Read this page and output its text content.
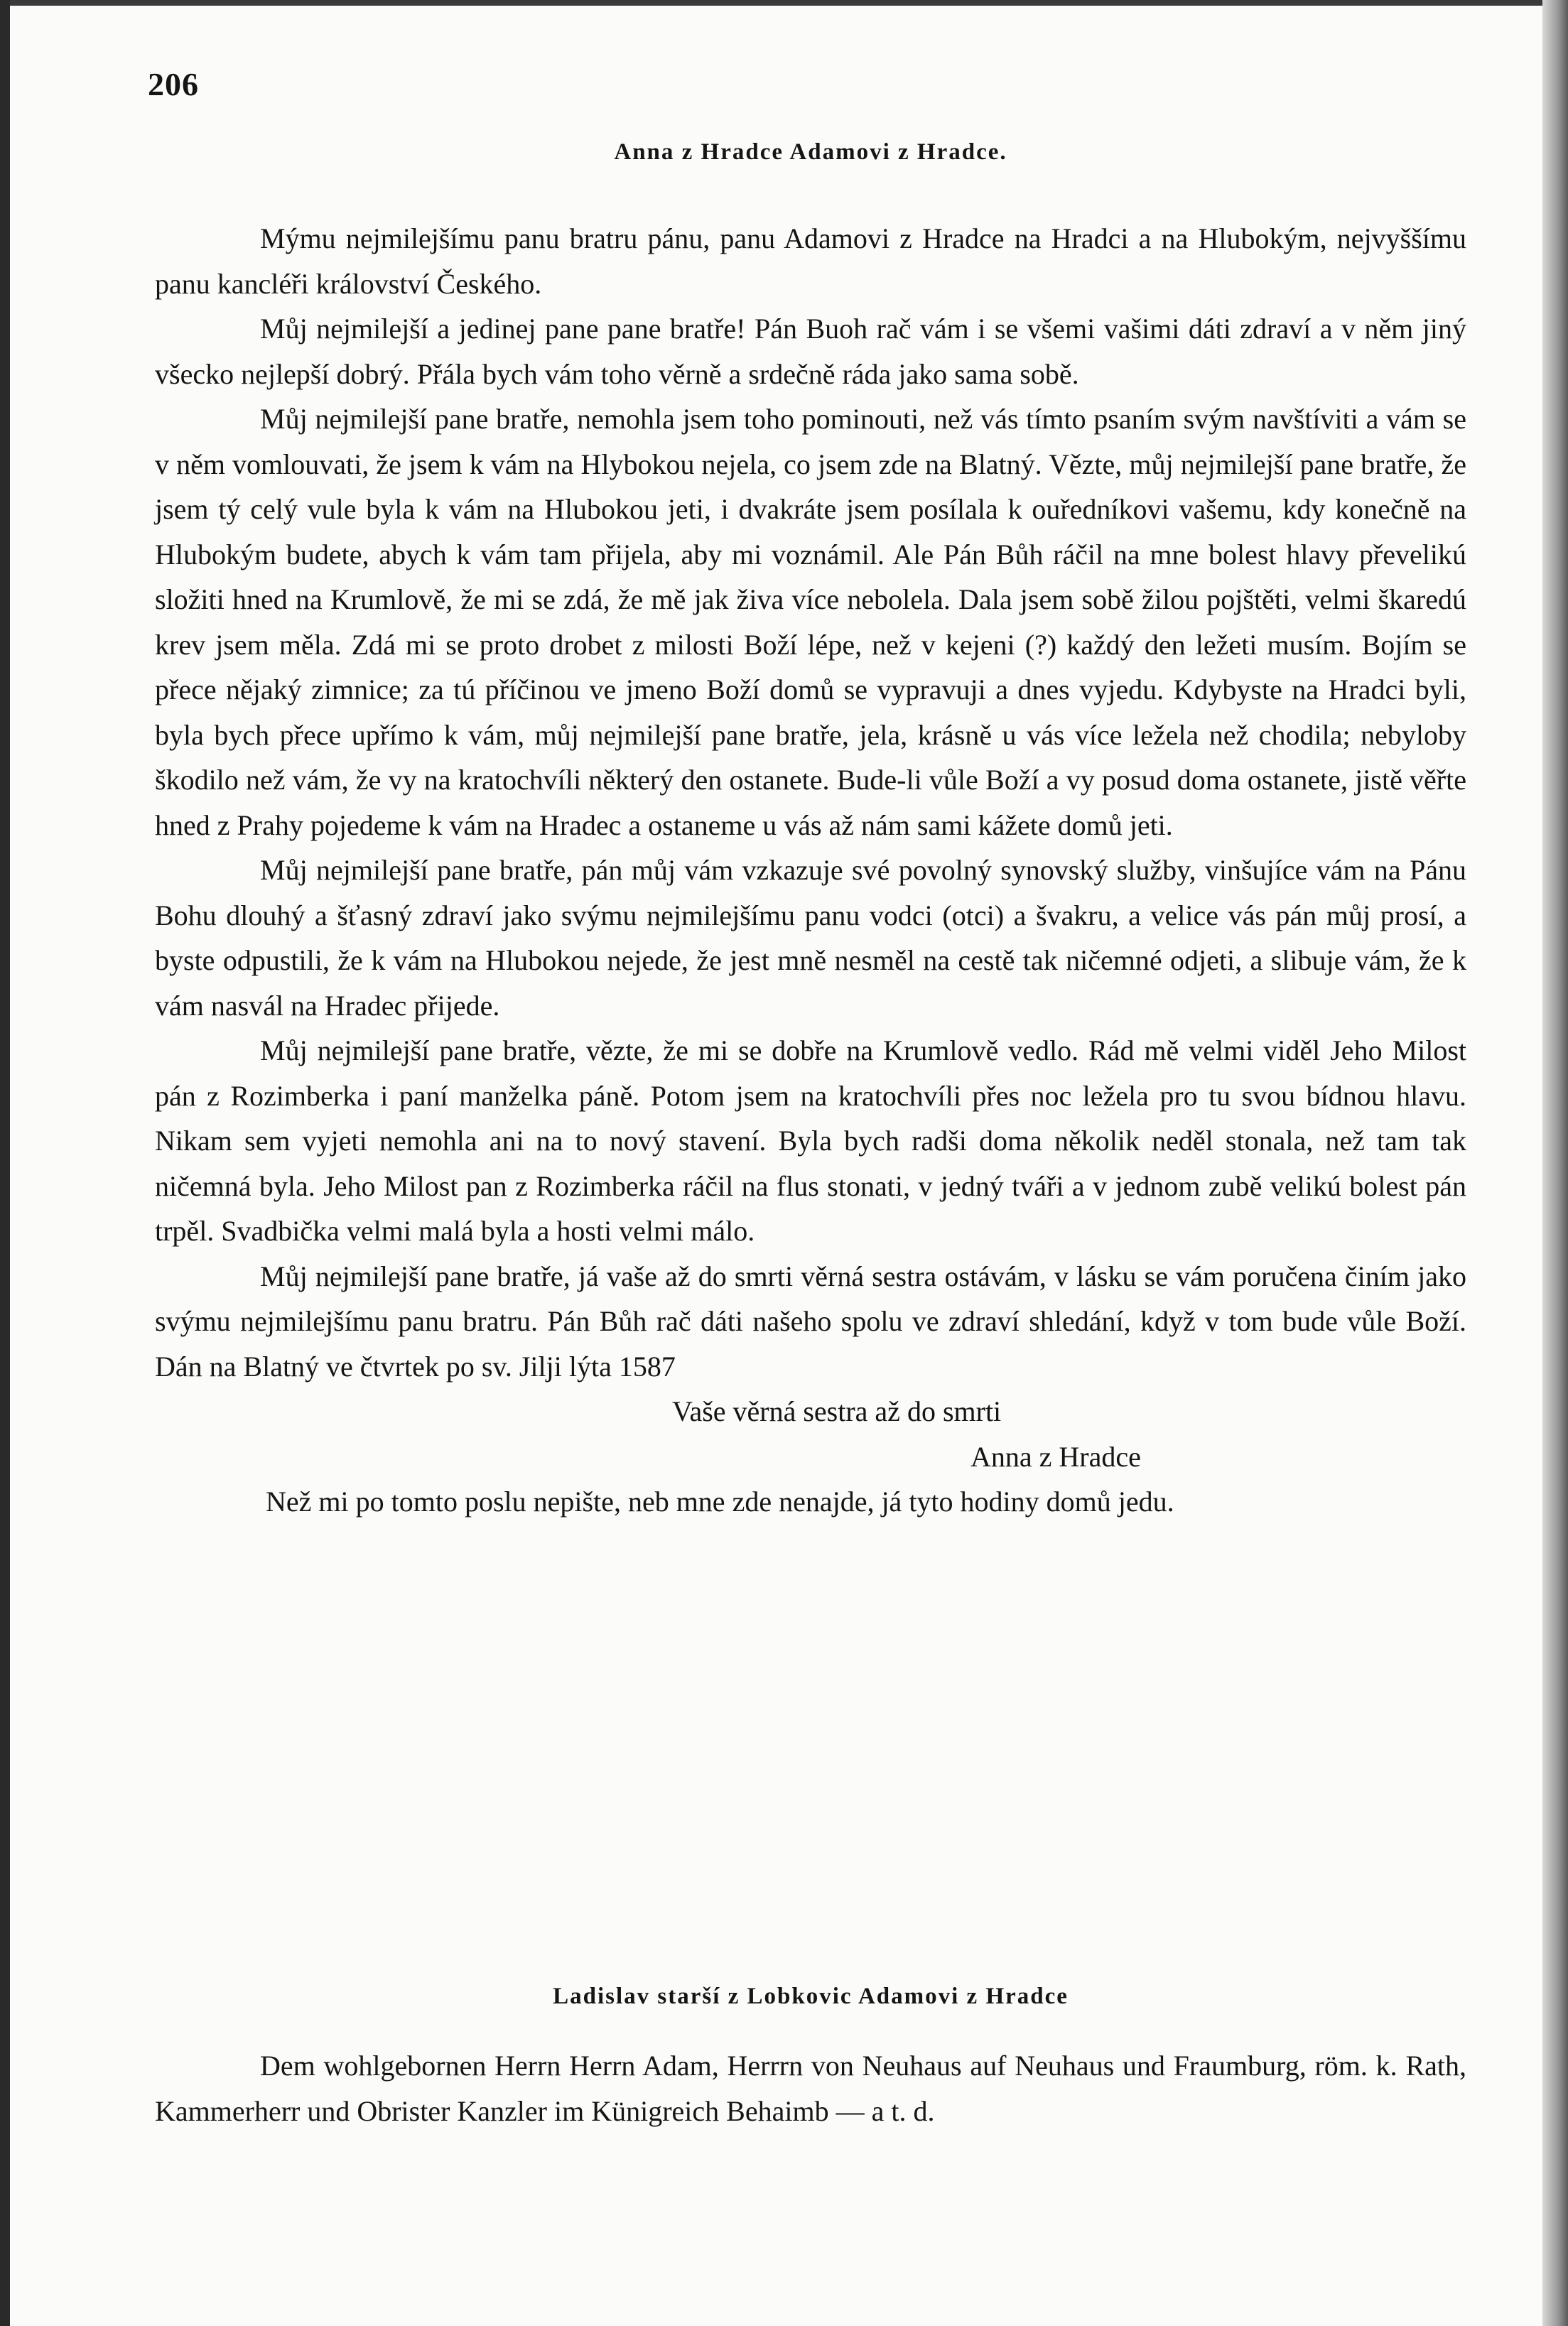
206
Anna z Hradce Adamovi z Hradce.

Mýmu nejmilejšímu panu bratru pánu, panu Adamovi z Hradce na Hradci a na Hlubokým, nejvyššímu panu kancléři království Českého.

Můj nejmilejší a jedinej pane pane bratře! Pán Buoh rač vám i se všemi vašimi dáti zdraví a v něm jiný všecko nejlepší dobrý. Přála bych vám toho věrně a srdečně ráda jako sama sobě.

Můj nejmilejší pane bratře, nemohla jsem toho pominouti, než vás tímto psaním svým navštíviti a vám se v něm vomlouvati, že jsem k vám na Hlybokou nejela, co jsem zde na Blatný. Vězte, můj nejmilejší pane bratře, že jsem tý celý vule byla k vám na Hlubokou jeti, i dvakráte jsem posílala k ouředníkovi vašemu, kdy konečně na Hlubokým budete, abych k vám tam přijela, aby mi voznámil. Ale Pán Bůh ráčil na mne bolest hlavy převelikú složiti hned na Krumlově, že mi se zdá, že mě jak živa více nebolela. Dala jsem sobě žilou pojštěti, velmi škaredú krev jsem měla. Zdá mi se proto drobet z milosti Boží lépe, než v kejeni (?) každý den ležeti musím. Bojím se přece nějaký zimnice; za tú příčinou ve jmeno Boží domů se vypravuji a dnes vyjedu. Kdybyste na Hradci byli, byla bych přece upřímo k vám, můj nejmilejší pane bratře, jela, krásně u vás více ležela než chodila; nebyloby škodilo než vám, že vy na kratochvíli některý den ostanete. Bude-li vůle Boží a vy posud doma ostanete, jistě věřte hned z Prahy pojedeme k vám na Hradec a ostaneme u vás až nám sami kážete domů jeti.

Můj nejmilejší pane bratře, pán můj vám vzkazuje své povolný synovský služby, vinšujíce vám na Pánu Bohu dlouhý a šťasný zdraví jako svýmu nejmilejšímu panu vodci (otci) a švakru, a velice vás pán můj prosí, a byste odpustili, že k vám na Hlubokou nejede, že jest mně nesměl na cestě tak ničemné odjeti, a slibuje vám, že k vám nasvál na Hradec přijede.

Můj nejmilejší pane bratře, vězte, že mi se dobře na Krumlově vedlo. Rád mě velmi viděl Jeho Milost pán z Rozimberka i paní manželka páně. Potom jsem na kratochvíli přes noc ležela pro tu svou bídnou hlavu. Nikam sem vyjeti nemohla ani na to nový stavení. Byla bych radši doma několik neděl stonala, než tam tak ničemná byla. Jeho Milost pan z Rozimberka ráčil na flus stonati, v jedný tváři a v jednom zubě velikú bolest pán trpěl. Svadbička velmi malá byla a hosti velmi málo.

Můj nejmilejší pane bratře, já vaše až do smrti věrná sestra ostávám, v lásku se vám poručena činím jako svýmu nejmilejšímu panu bratru. Pán Bůh rač dáti našeho spolu ve zdraví shledání, když v tom bude vůle Boží. Dán na Blatný ve čtvrtek po sv. Jilji lýta 1587

Vaše věrná sestra až do smrti

Anna z Hradce

Než mi po tomto poslu nepište, neb mne zde nenajde, já tyto hodiny domů jedu.

Ladislav starší z Lobkovic Adamovi z Hradce

Dem wohlgebornen Herrn Herrn Adam, Herrrn von Neuhaus auf Neuhaus und Fraumburg, röm. k. Rath, Kammerherr und Obrister Kanzler im Künigreich Behaimb — a t. d.
